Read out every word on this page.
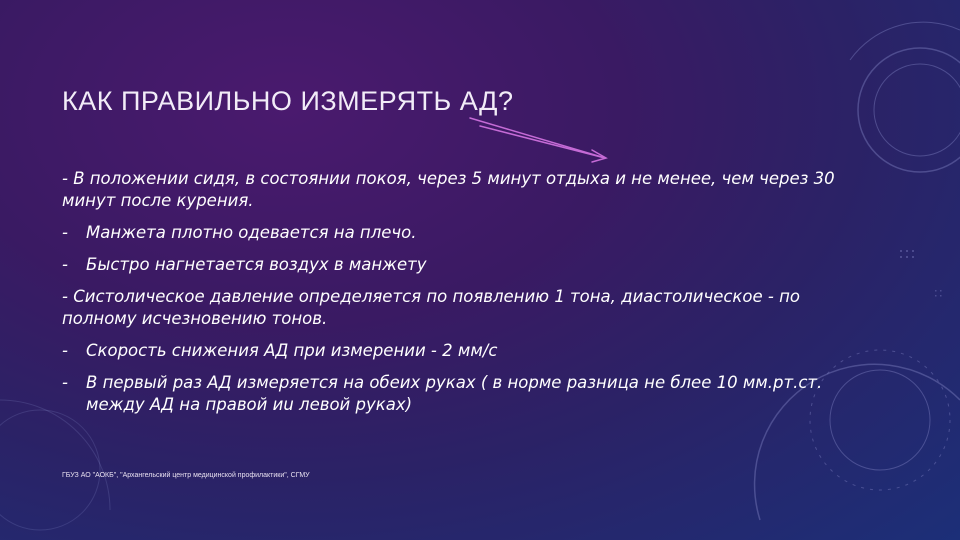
КАК ПРАВИЛЬНО ИЗМЕРЯТЬ АД?
- В положении сидя, в состоянии покоя, через 5 минут отдыха и не менее, чем через 30 минут после курения.
-	Манжета плотно одевается на плечо.
-	Быстро нагнетается воздух в манжету
- Систолическое давление определяется по появлению 1 тона, диастолическое - по полному исчезновению тонов.
-	Скорость снижения АД при измерении - 2 мм/с
-	В первый раз АД измеряется на обеих руках ( в норме разница не блее 10 мм.рт.ст. между АД на правой иu левой руках)
ГБУЗ АО "АОКБ", "Архангельский центр медицинской профилактики", СГМУ
